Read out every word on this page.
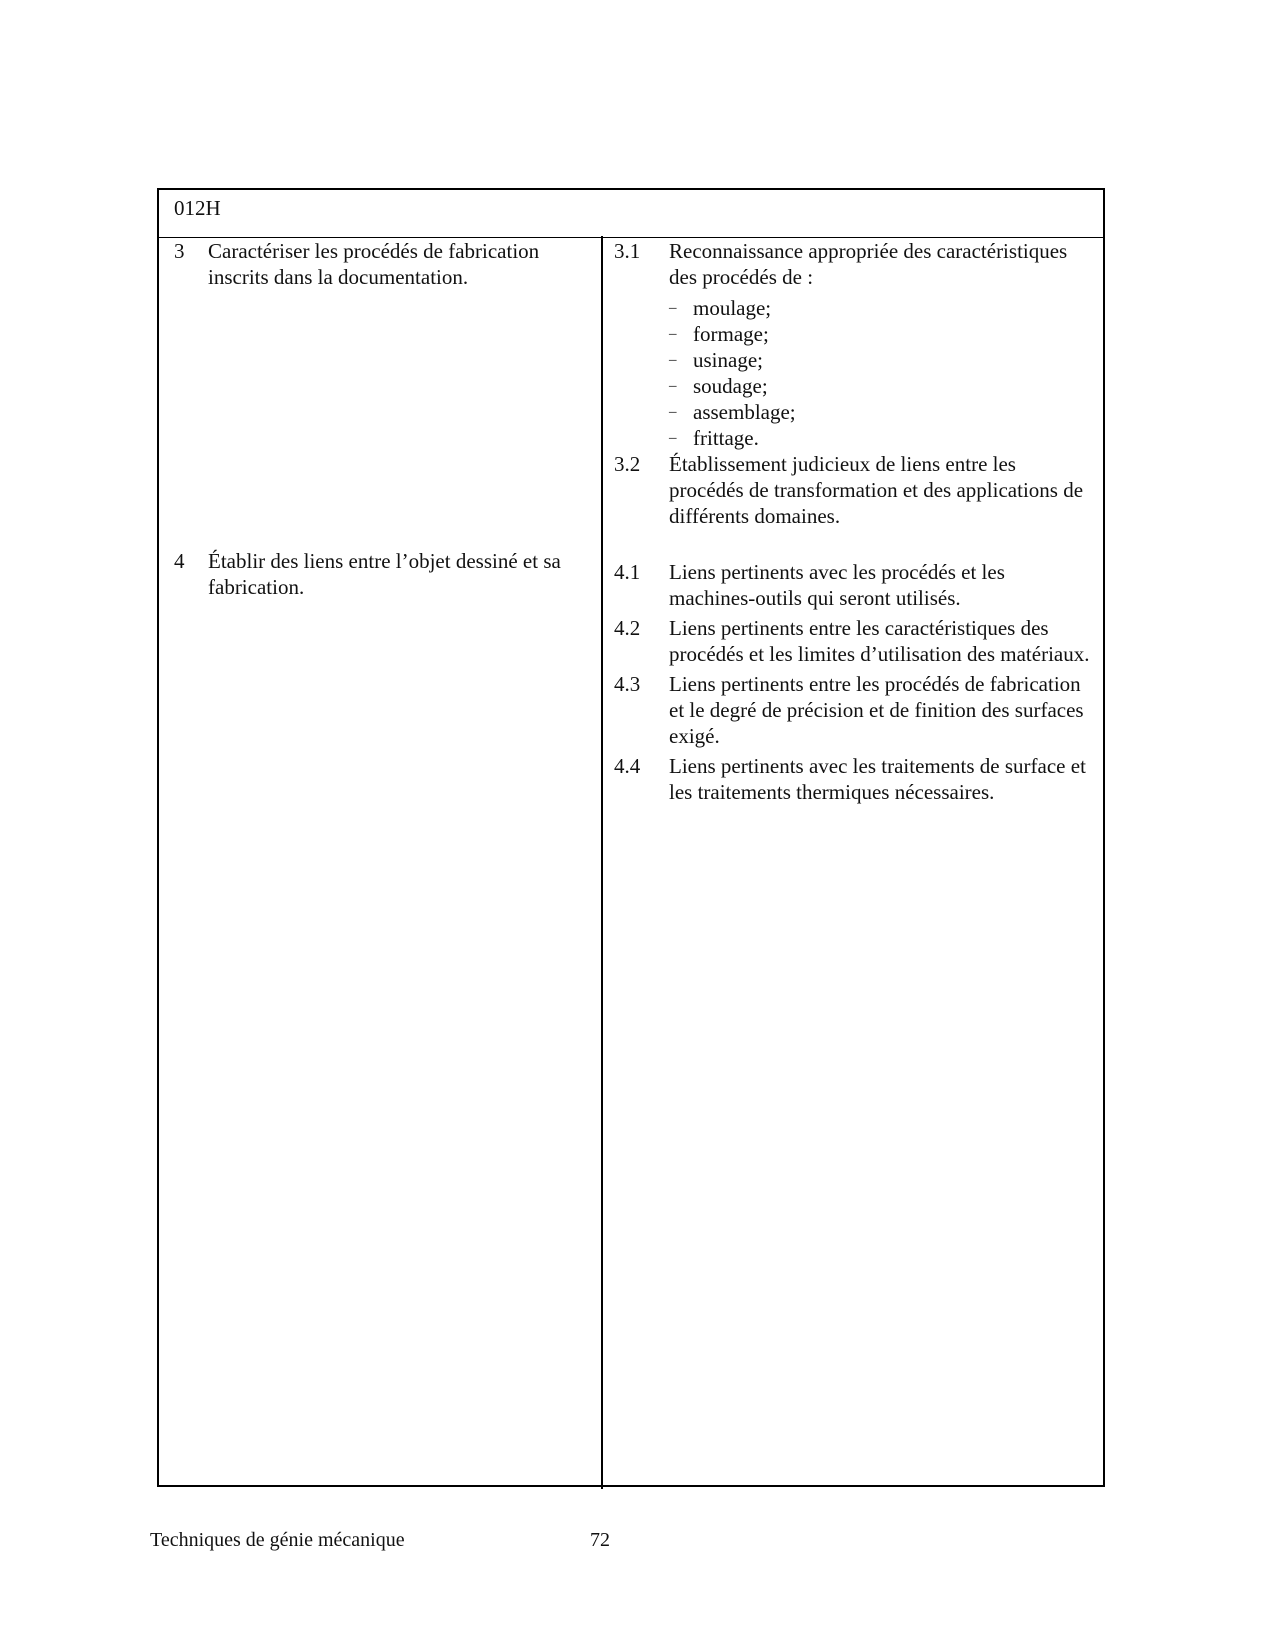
012H
3	Caractériser les procédés de fabrication inscrits dans la documentation.
4	Établir des liens entre l’objet dessiné et sa fabrication.
3.1	Reconnaissance appropriée des caractéristiques des procédés de :
– moulage;
– formage;
– usinage;
– soudage;
– assemblage;
– frittage.
3.2	Établissement judicieux de liens entre les procédés de transformation et des applications de différents domaines.
4.1	Liens pertinents avec les procédés et les machines-outils qui seront utilisés.
4.2	Liens pertinents entre les caractéristiques des procédés et les limites d’utilisation des matériaux.
4.3	Liens pertinents entre les procédés de fabrication et le degré de précision et de finition des surfaces exigé.
4.4	Liens pertinents avec les traitements de surface et les traitements thermiques nécessaires.
Techniques de génie mécanique	72
